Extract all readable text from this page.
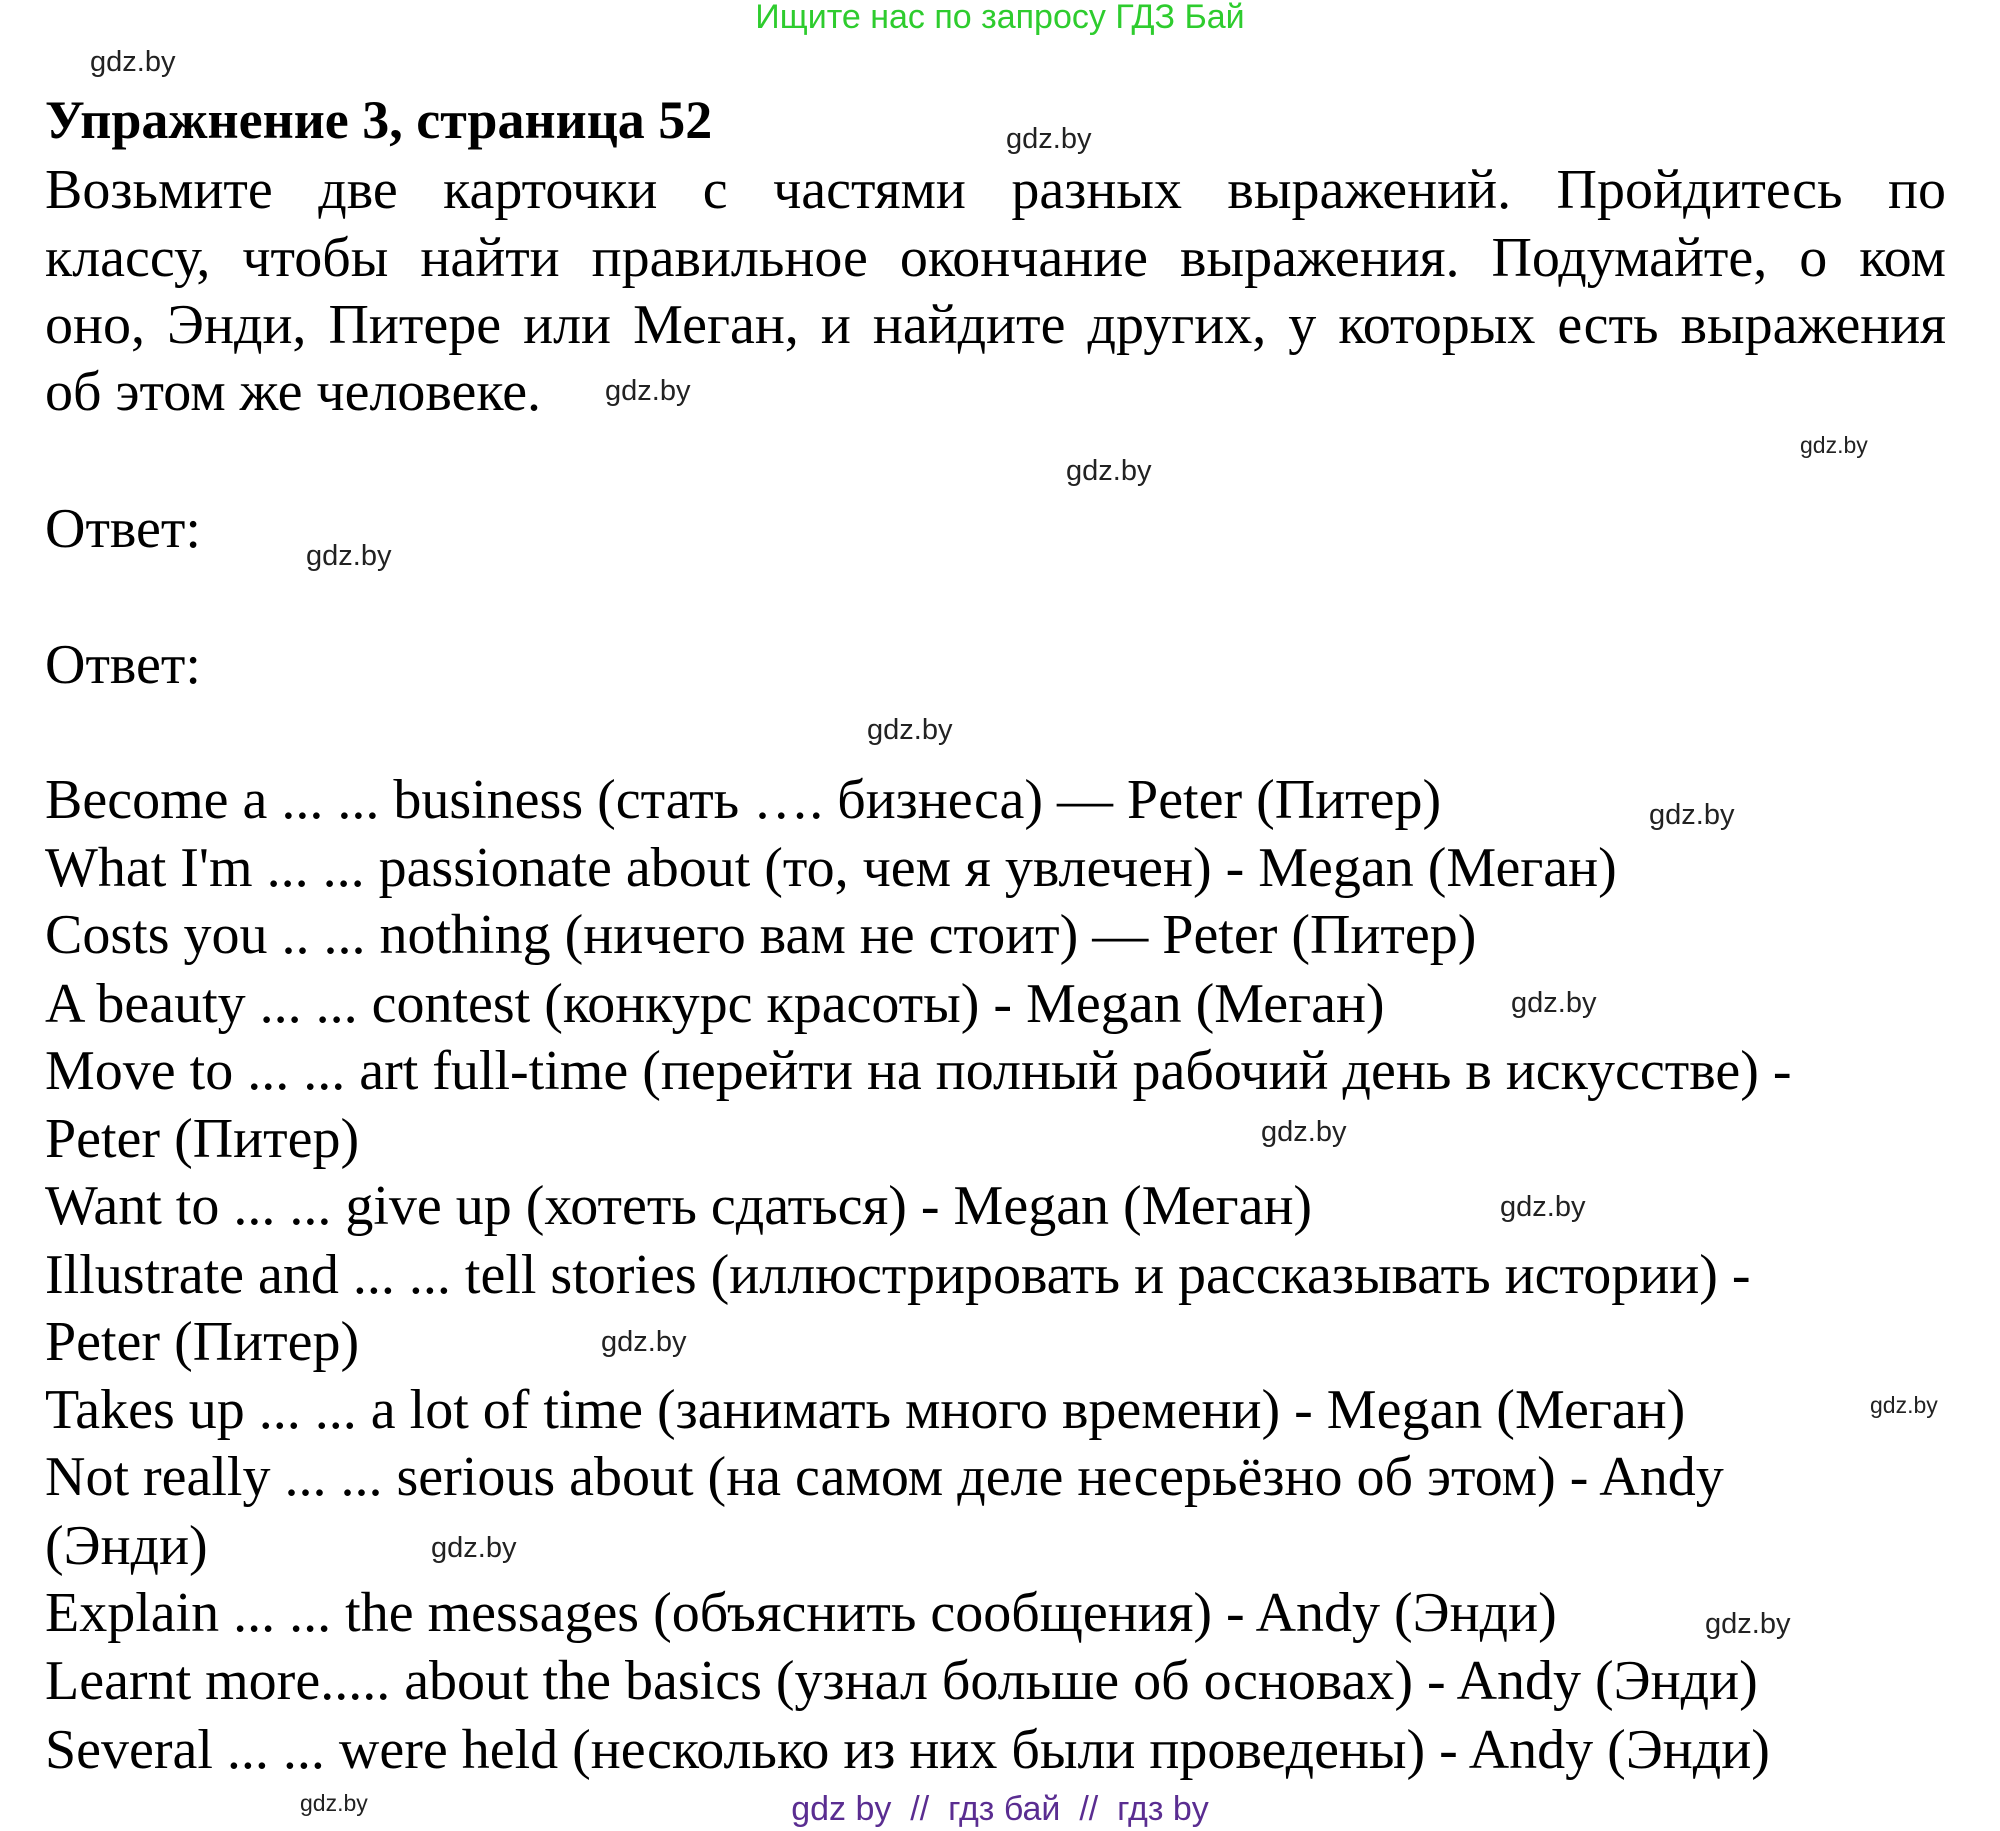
Ищите нас по запросу ГДЗ Бай
Упражнение 3, страница 52
Возьмите две карточки с частями разных выражений. Пройдитесь по
классу, чтобы найти правильное окончание выражения. Подумайте, о ком
оно, Энди, Питере или Меган, и найдите других, у которых есть выражения
об этом же человеке.
Ответ:
Ответ:
Become a ... ... business (стать …. бизнеса) — Peter (Питер)
What I'm ... ... passionate about (то, чем я увлечен) - Megan (Меган)
Costs you .. ... nothing (ничего вам не стоит) — Peter (Питер)
A beauty ... ... contest (конкурс красоты) - Megan (Меган)
Move to ... ... art full-time (перейти на полный рабочий день в искусстве) -
Peter (Питер)
Want to ... ... give up (хотеть сдаться) - Megan (Меган)
Illustrate and ... ... tell stories (иллюстрировать и рассказывать истории) -
Peter (Питер)
Takes up ... ... a lot of time (занимать много времени) - Megan (Меган)
Not really ... ... serious about (на самом деле несерьёзно об этом) - Andy
(Энди)
Explain ... ... the messages (объяснить сообщения) - Andy (Энди)
Learnt more..... about the basics (узнал больше об основах) - Andy (Энди)
Several ... ... were held (несколько из них были проведены) - Andy (Энди)
gdz.by
gdz.by
gdz.by
gdz.by
gdz.by
gdz.by
gdz.by
gdz.by
gdz.by
gdz.by
gdz.by
gdz.by
gdz.by
gdz.by
gdz.by
gdz.by	gdz by  //  гдз бай  //  гдз by
